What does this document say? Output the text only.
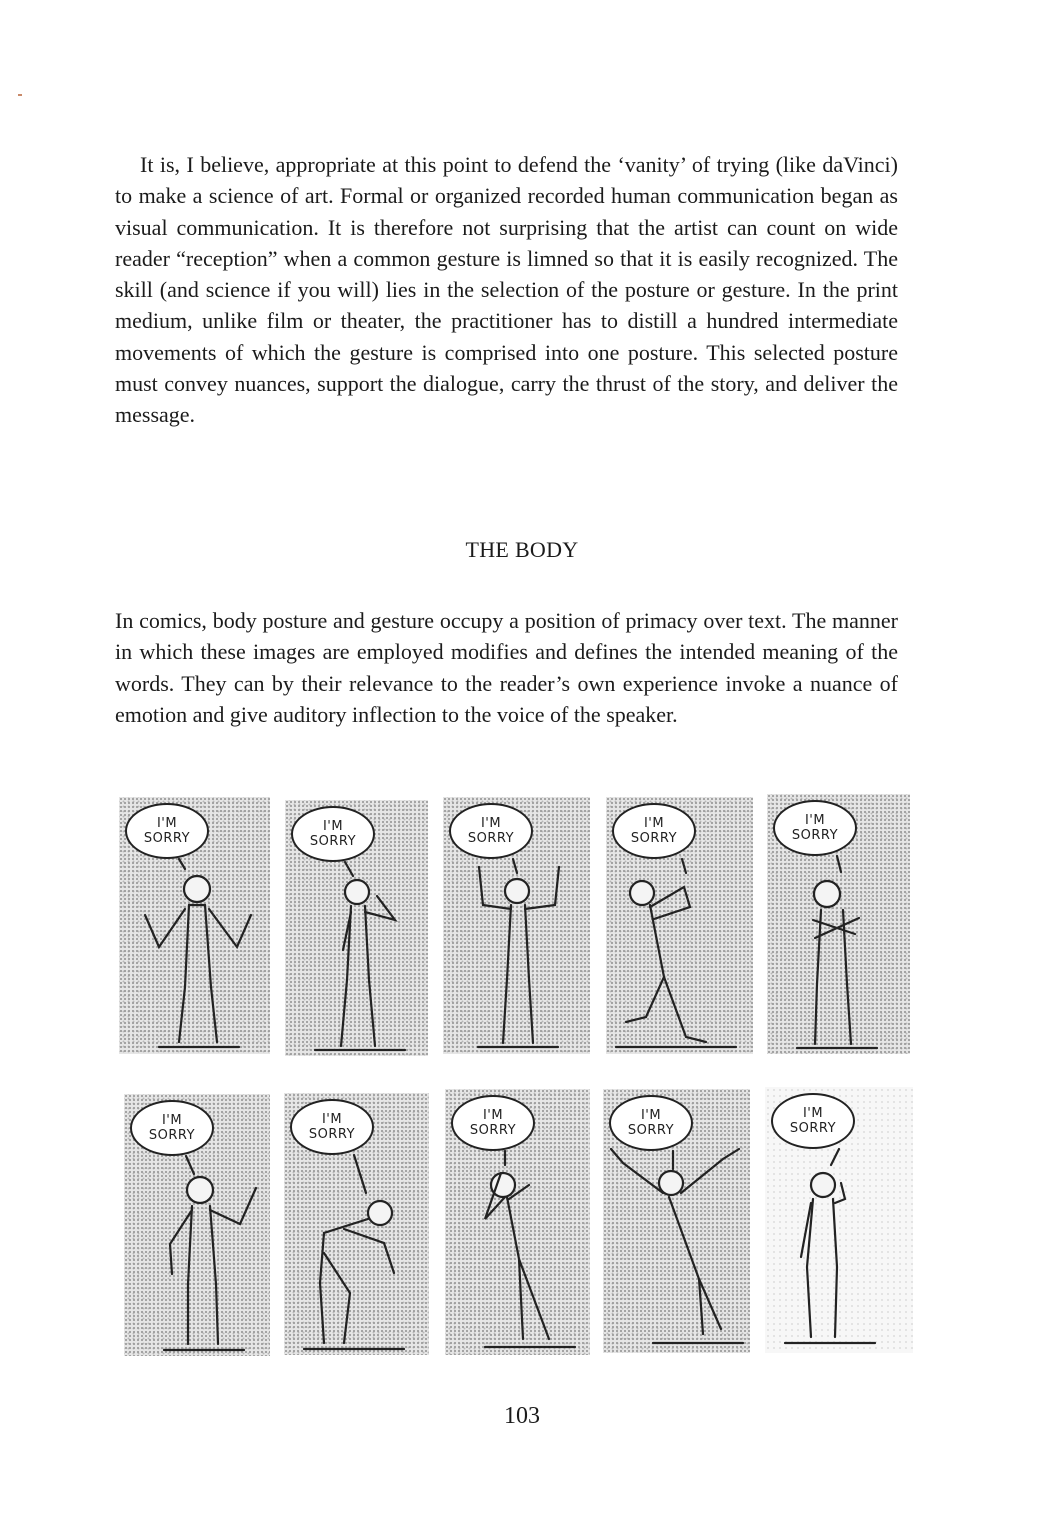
It is, I believe, appropriate at this point to defend the ‘vanity’ of trying (like daVinci) to make a science of art. Formal or organized recorded human communication began as visual communication. It is therefore not surprising that the artist can count on wide reader “reception” when a common gesture is limned so that it is easily recognized. The skill (and science if you will) lies in the selection of the posture or gesture. In the print medium, unlike film or theater, the practitioner has to distill a hundred intermediate movements of which the gesture is comprised into one posture. This selected posture must convey nuances, support the dialogue, carry the thrust of the story, and deliver the message.

THE BODY

In comics, body posture and gesture occupy a position of primacy over text. The manner in which these images are employed modifies and defines the intended meaning of the words. They can by their relevance to the reader’s own experience invoke a nuance of emotion and give auditory inflection to the voice of the speaker.

I'M
SORRY
I'M
SORRY
I'M
SORRY
I'M
SORRY
I'M
SORRY
I'M
SORRY
I'M
SORRY
I'M
SORRY
I'M
SORRY
I'M
SORRY

103
